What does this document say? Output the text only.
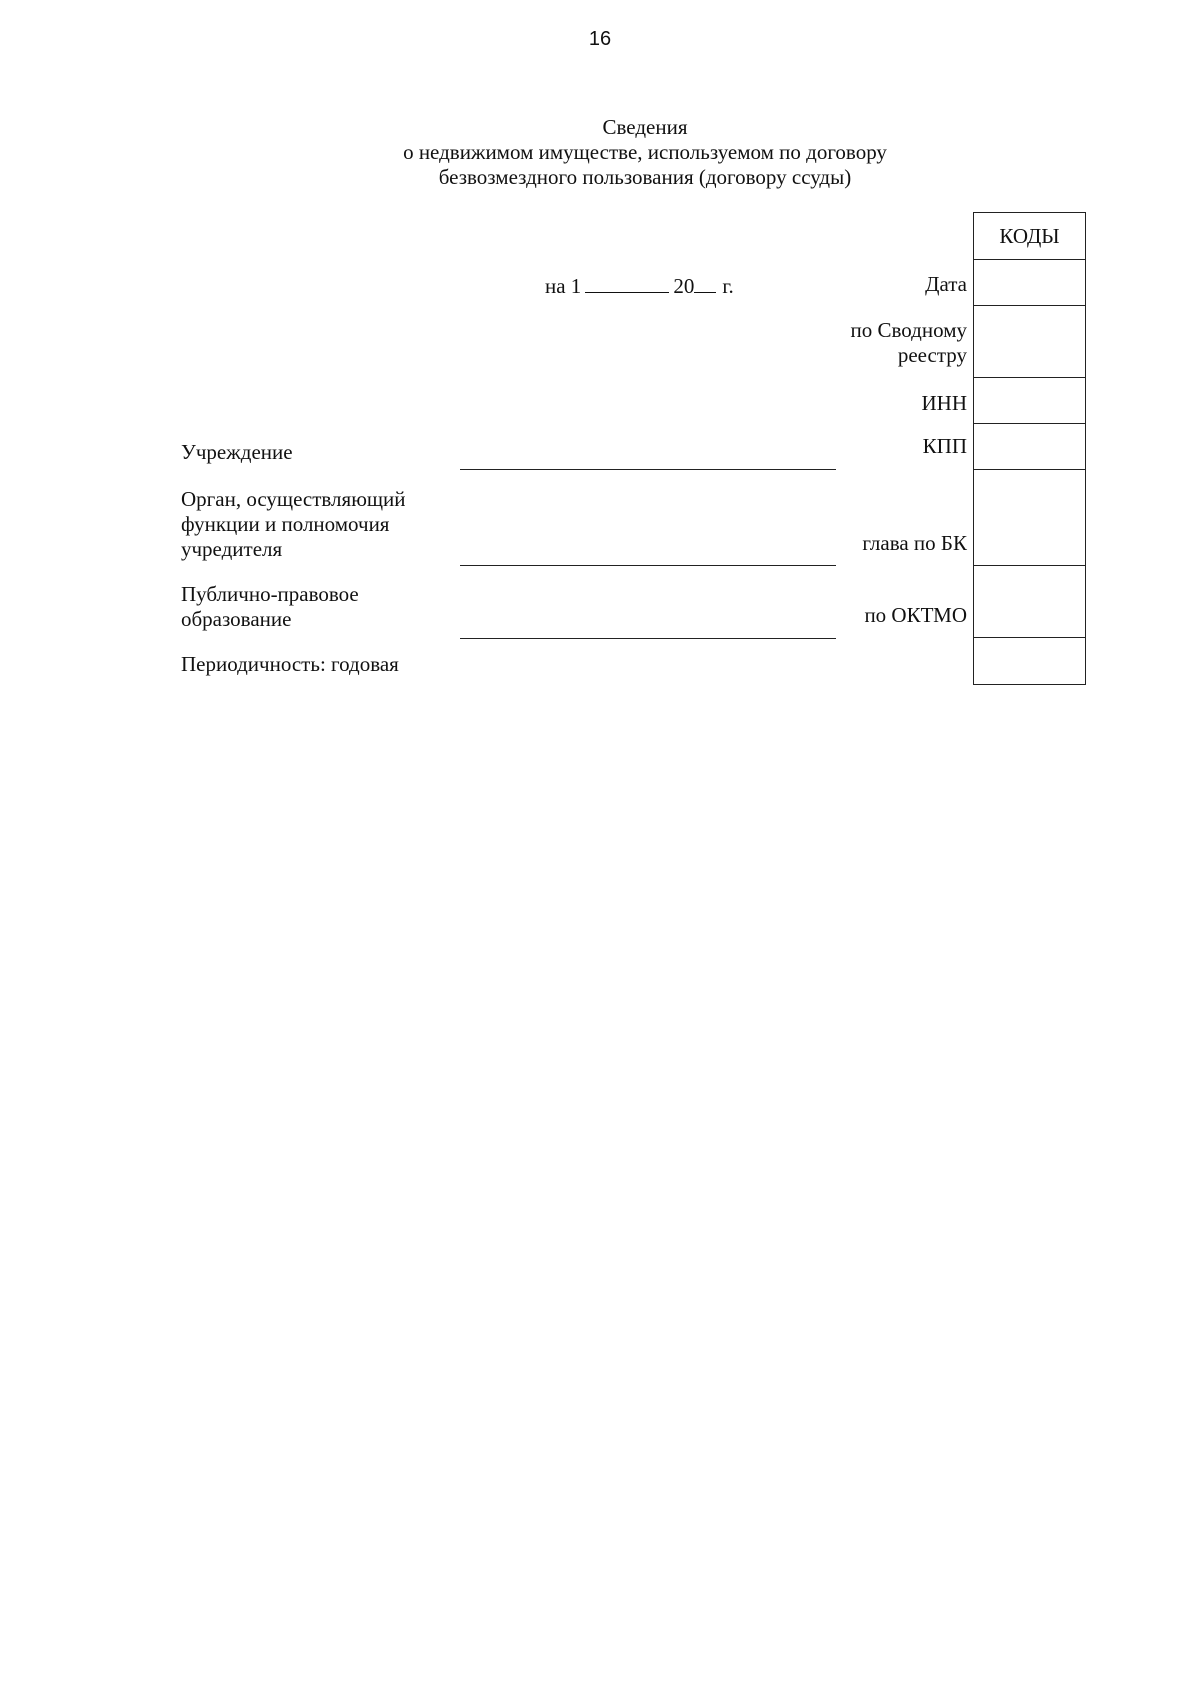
16
Сведения
о недвижимом имуществе, используемом по договору
безвозмездного пользования (договору ссуды)
на 1	20 г.
КОДЫ
Дата
по Сводному
реестру
ИНН
КПП
глава по БК
по ОКТМО
Учреждение
Орган, осуществляющий
функции и полномочия
учредителя
Публично-правовое
образование
Периодичность: годовая
